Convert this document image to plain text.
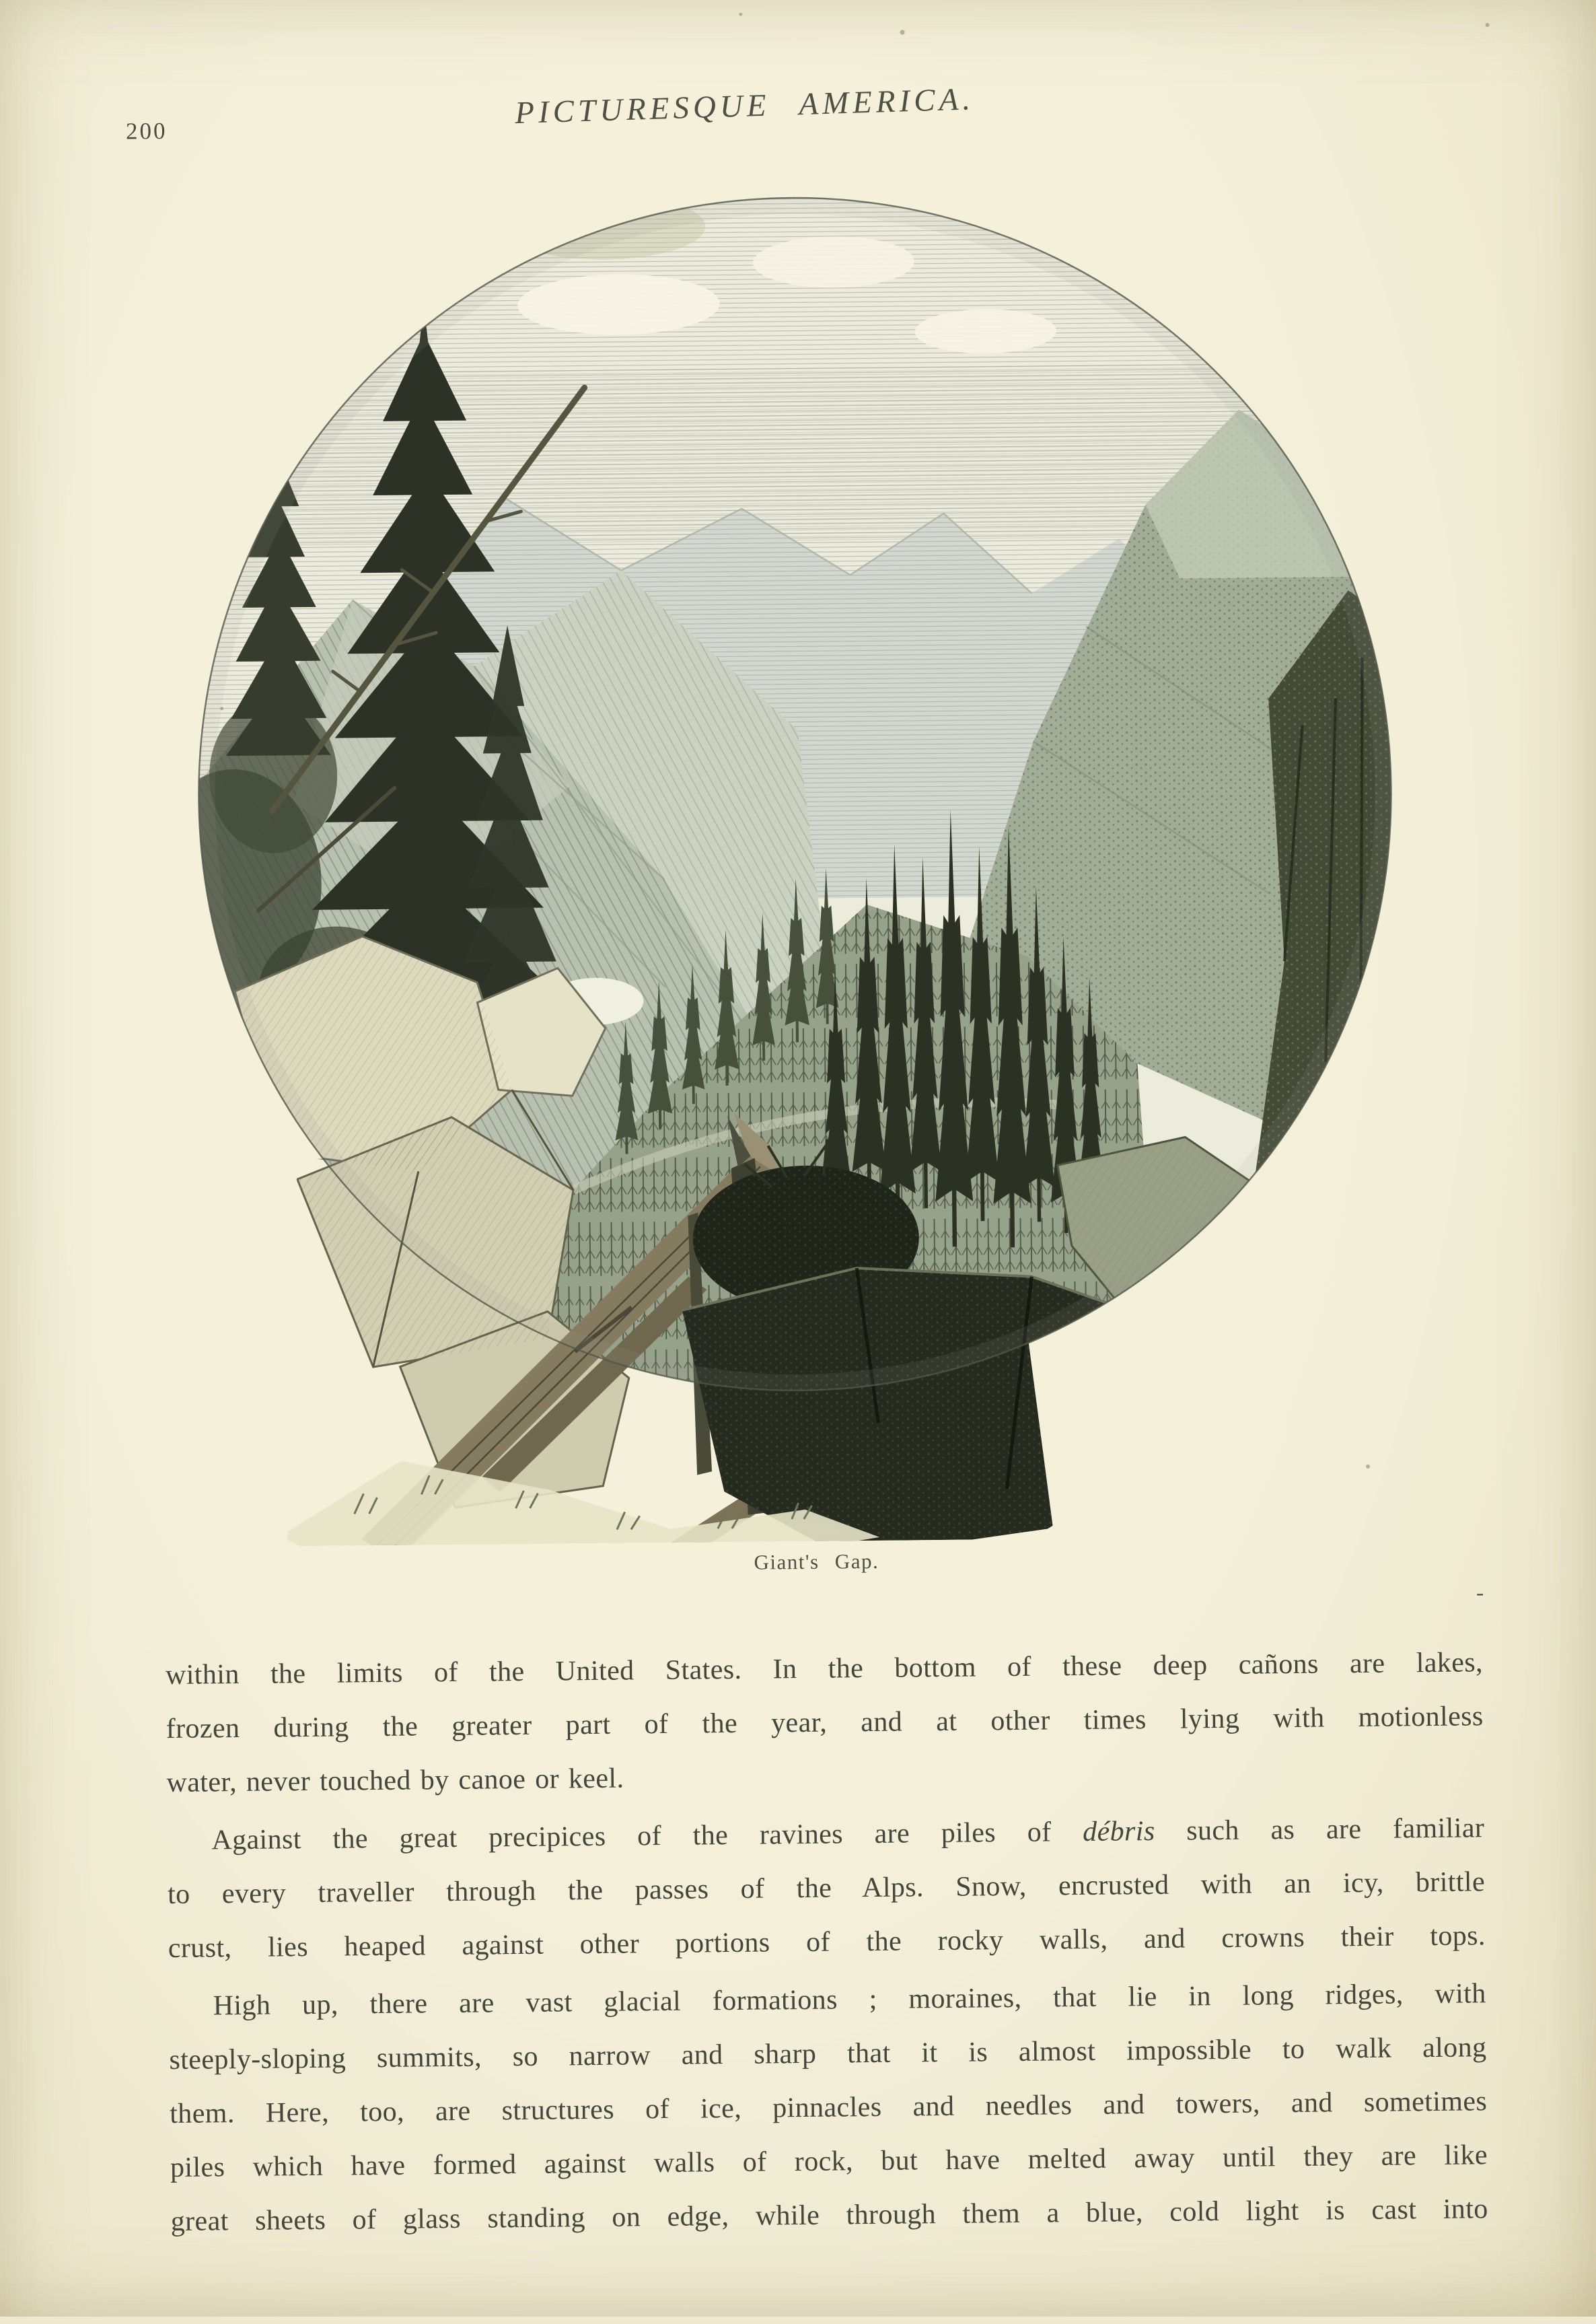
200
PICTURESQUE AMERICA.
Giant's Gap.
-
within the limits of the United States. In the bottom of these deep cañons are lakes,
frozen during the greater part of the year, and at other times lying with motionless
water, never touched by canoe or keel.
Against the great precipices of the ravines are piles of débris such as are familiar
to every traveller through the passes of the Alps. Snow, encrusted with an icy, brittle
crust, lies heaped against other portions of the rocky walls, and crowns their tops.
High up, there are vast glacial formations ; moraines, that lie in long ridges, with
steeply-sloping summits, so narrow and sharp that it is almost impossible to walk along
them. Here, too, are structures of ice, pinnacles and needles and towers, and sometimes
piles which have formed against walls of rock, but have melted away until they are like
great sheets of glass standing on edge, while through them a blue, cold light is cast into
